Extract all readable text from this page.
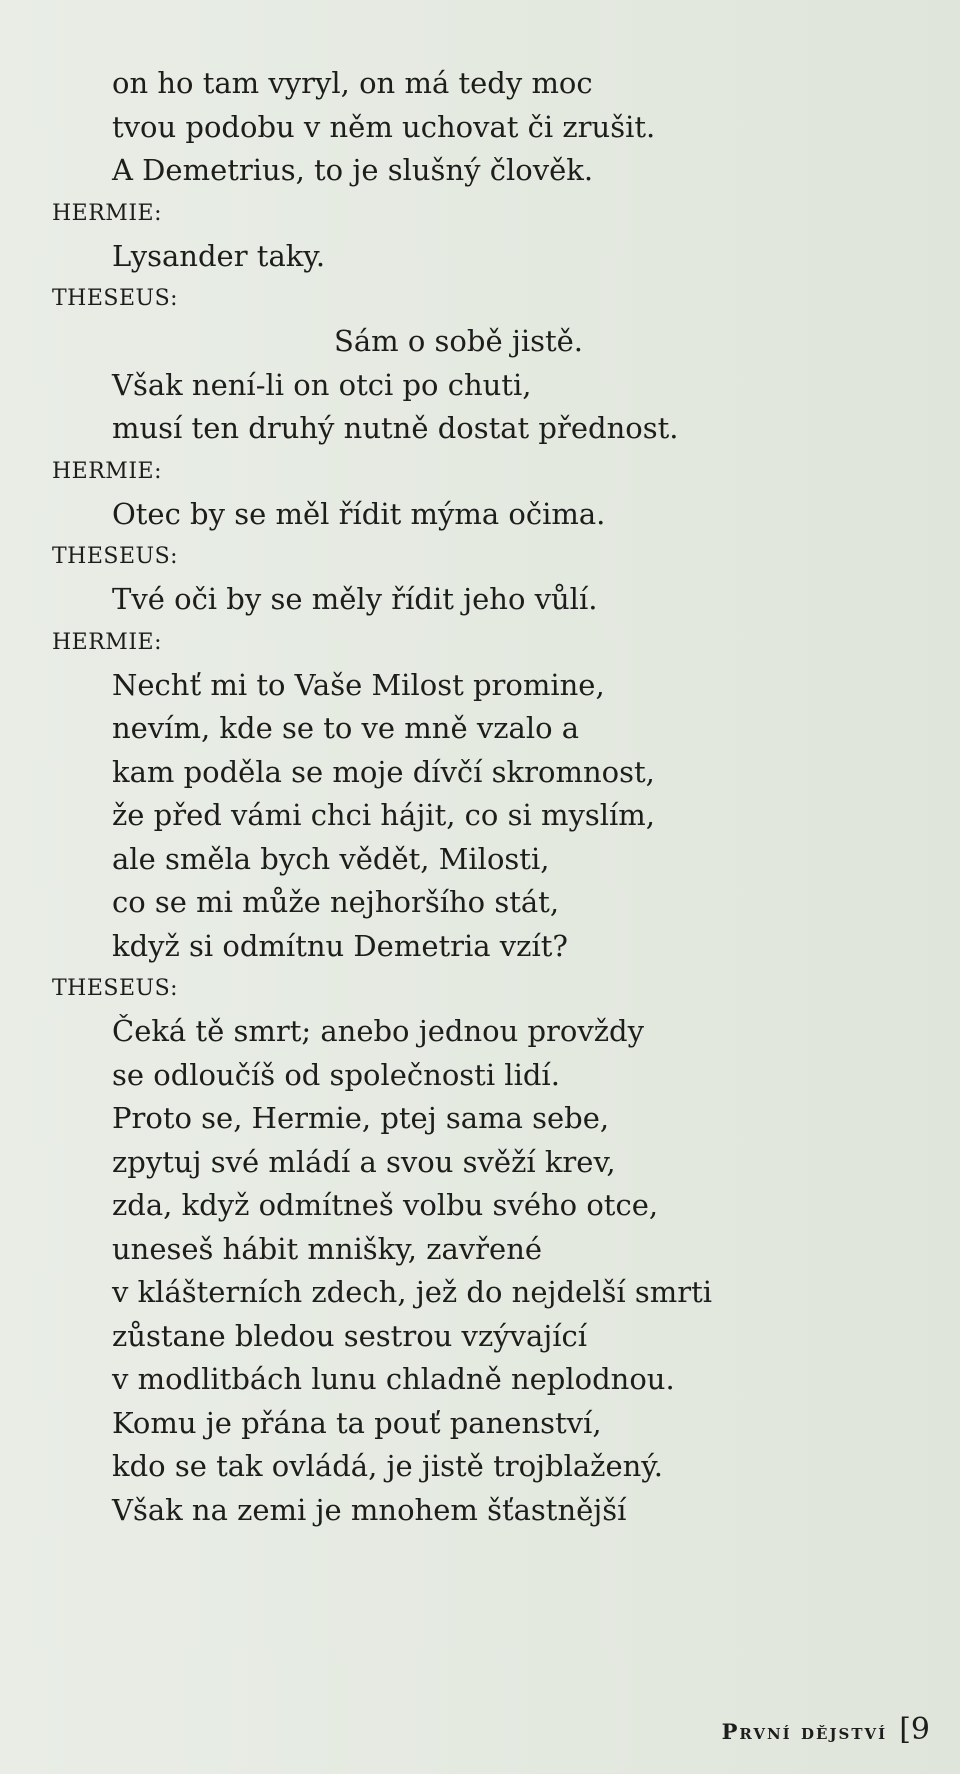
on ho tam vyryl, on má tedy moc
tvou podobu v něm uchovat či zrušit.
A Demetrius, to je slušný člověk.
HERMIE:
Lysander taky.
THESEUS:
Sám o sobě jistě.
Však není-li on otci po chuti,
musí ten druhý nutně dostat přednost.
HERMIE:
Otec by se měl řídit mýma očima.
THESEUS:
Tvé oči by se měly řídit jeho vůlí.
HERMIE:
Nechť mi to Vaše Milost promine,
nevím, kde se to ve mně vzalo a
kam poděla se moje dívčí skromnost,
že před vámi chci hájit, co si myslím,
ale směla bych vědět, Milosti,
co se mi může nejhoršího stát,
když si odmítnu Demetria vzít?
THESEUS:
Čeká tě smrt; anebo jednou provždy
se odloučíš od společnosti lidí.
Proto se, Hermie, ptej sama sebe,
zpytuj své mládí a svou svěží krev,
zda, když odmítneš volbu svého otce,
uneseš hábit mnišky, zavřené
v klášterních zdech, jež do nejdelší smrti
zůstane bledou sestrou vzývající
v modlitbách lunu chladně neplodnou.
Komu je přána ta pouť panenství,
kdo se tak ovládá, je jistě trojblažený.
Však na zemi je mnohem šťastnější
První dějství [9
